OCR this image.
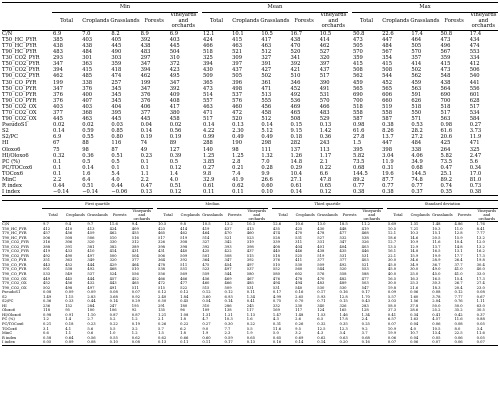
	Min						Mean						Max				
	Total	Croplands	Grasslands	Forests	Vineyards and orchards		Total	Croplands	Grasslands	Forests	Vineyards and orchards		Total	Croplands	Grasslands	Forests	Vineyards and orchards
C/N	6.9	7.0	8.2	8.9	6.9		12.1	10.1	10.5	16.7	10.5		50.8	22.6	17.4	50.8	17.4
T50_HC_PYR	385	403	405	392	403		424	415	417	438	414		473	447	464	473	434
T70_HC_PYR	438	438	445	438	445		466	463	463	470	462		505	484	505	496	474
T90_HC_PYR	483	484	490	483	504		518	521	512	520	527		570	567	570	567	553
T30_CO2_PYR	293	301	303	297	310		325	309	327	341	320		359	354	357	359	334
T50_CO2_PYR	347	363	359	347	372		394	397	391	392	397		415	415	414	415	412
T70_CO2_PYR	394	415	418	394	423		430	437	427	421	437		508	508	502	473	506
T90_CO2_PYR	462	485	474	462	495		509	505	502	510	517		562	544	562	548	540
T30_CO_PYR	199	338	257	199	347		365	396	361	346	390		459	452	459	438	441
T50_CO_PYR	347	376	345	347	392		473	498	471	452	491		565	565	563	564	556
T70_CO_PYR	376	400	345	376	409		514	537	513	492	531		690	606	591	690	601
T90_CO_PYR	376	407	345	376	408		557	576	555	536	570		700	660	626	700	628
T50_CO2_OX	403	403	404	406	417		463	460	456	469	466		518	519	518	518	517
T70_CO2_OX	377	368	395	377	380		471	472	458	465	483		558	558	550	517	534
T90_CO2_OX	445	463	445	445	458		517	520	512	508	529		587	587	571	563	584
PseudoS1	0.02	0.02	0.03	0.04	0.02		0.14	0.13	0.14	0.15	0.13		0.98	0.38	0.53	0.98	0.27
S2	0.14	0.59	0.85	0.14	0.56		4.22	2.30	5.12	9.15	1.42		61.6	8.26	28.2	61.6	3.73
S2/PC	6.9	0.55	0.80	0.19	0.19		0.99	0.49	0.49	0.18	0.36		27.8	13.7	27.2	20.6	11.9
HI	67	88	116	74	89		288	190	298	282	243		1.5	447	484	425	471
Oloxo6	75	98	87	49	127		140	98	111	137	113		395	398	338	264	325
HI/Oloxo6	0.32	0.36	0.51	0.23	0.39		1.25	1.25	1.32	1.26	1.17		5.82	3.04	4.06	5.82	2.47
PC (%)	0.1	0.5	0.5	0.1	0.5		3.85	2.8	7.0	14.8	2.1		73.5	11.9	34.9	73.5	5.6
PC/TOCox6	0.1	0.14	0.1	0.1	0.12		0.27	0.21	0.28	0.29	0.22		0.68	0.31	0.68	0.47	0.34
TOCox6	0.1	1.6	5.4	1.1	1.4		9.8	7.4	9.9	10.4	6.6		144.5	19.6	144.5	25.1	17.0
MinC	2.2	6.4	4.0	2.2	4.0		32.9	41.9	26.6	27.1	47.8		89.2	87.7	74.8	89.2	81.0
R index	0.44	0.51	0.44	0.47	0.51		0.61	0.62	0.60	0.61	0.65		0.77	0.77	0.77	0.74	0.73
I index	−0.14	−0.14	−0.06	0.13	0.12		0.11	0.11	0.10	0.14	0.12		0.38	0.38	0.37	0.35	0.38
	First quartile						Median						Third quartile						Standard deviation				
	Total	Croplands	Grasslands	Forests	Vineyards and orchards		Total	Croplands	Grasslands	Forests	Vineyards and orchards		Total	Croplands	Grasslands	Forests	Vineyards and orchards		Total	Croplands	Grasslands	Forests	Vineyards and orchards
C/N	9.7	9.4	9.7	11.6	9.4		10.5	9.8	10.5	13.2	10.3		12.6	10.6	13.0	18.5	11.2		5.69	1.31	1.48	4.86	1.76
T50_HC_PYR	412	410	413	424	409		423	414	419	437	413		435	425	430	448	419		10.5	7.21	10.3	11.0	8.41
T70_HC_PYR	457	456	459	462	455		465	462	464	470	460		474	470	478	477	468		12.1	10.3	15.1	12.8	7.77
T90_HC_PYR	506	508	506	510	516		517	519	514	521	523		528	531	527	532	538		18.6	14.6	20.5	15.9	13.2
T30_CO2_PYR	316	306	320	330	312		326	308	327	342	319		339	311	331	347	326		12.7	10.9	11.6	10.4	12.0
T50_CO2_PYR	388	391	381	382	389		398	398	392	393	398		408	404	401	404	403		13.5	12.9	13.7	14.8	13.2
T70_CO2_PYR	419	433	410	414	431		431	440	425	422	437		440	446	438	435	446		16.1	14.8	16.5	13.1	16.2
T90_CO2_PYR	492	490	497	500	504		506	509	501	508	515		518	525	519	531	531		22.1	15.9	19.9	17.7	17.3
T30_CO_PYR	351	363	349	320	377		364	392	364	347	392		376	411	377	377	403		30.0	34.6	28.9	26.4	19.8
T50_CO_PYR	443	452	444	429	464		478	511	475	454	497		510	530	509	492	521		45.0	34.9	36.7	37.7	30.4
T70_CO_PYR	501	538	492	468	510		538	551	523	497	537		552	560	544	520	553		45.0	30.0	49.0	41.0	40.0
T90_CO_PYR	533	549	537	524	556		556	569	559	544	580		580	602	576	558	588		40.0	25.0	45.0	41.0	33.0
T50_CO2_OX	449	445	444	457	452		466	466	456	469	467		476	478	470	482	477		16.5	16.3	16.5	15.4	17.3
T70_CO2_OX	452	456	432	443	465		472	477	460	466	485		494	494	483	489	503		30.0	25.3	30.3	26.7	27.4
T90_CO2_OX	502	498	497	491	511		515	522	515	509	531		531	540	530	530	547		19.8	21.6	18.3	20.4	23.0
PseudoS1	0.08	0.09	0.09	0.08	0.07		0.12	0.12	0.12	0.12	0.11		0.17	0.16	0.17	0.16	0.17		0.09	0.06	0.08	0.12	0.08
S2	1.49	1.15	2.83	3.68	0.92		2.40	1.84	3.60	6.93	1.34		4.99	2.65	5.93	12.8	1.70		5.57	1.60	3.78	7.77	0.67
S2/PC	0.36	0.33	0.44	0.14	0.29		0.50	0.45	0.54	0.14	0.41		0.75	0.70	0.71	0.15	0.43		3.03	1.56	2.04	0.76	1.11
HI	236	152	284	247	195		291	180	310	286	245		332	230	340	326	283		58.0	37.8	50.0	50.0	63.0
Oloxo6	118	95	100	106	92		135	96	109	138	117		169	117	124	165	128		37.3	28.6	25.2	35.2	30.5
HI/Oloxo6	0.98	0.91	1.10	0.87	0.87		1.21	1.08	1.31	1.21	1.13		1.47	1.48	1.53	1.46	1.34		0.41	0.34	0.41	0.42	0.37
PC (%)	1.2	1.4	2.7	5.2	1.2		2.1	1.8	4.7	10.3	1.6		4.3	2.6	6.5	17.8	2.4		6.57	1.63	4.57	11.6	0.88
PC/TOCox6	0.21	0.18	0.23	0.22	0.19		0.26	0.22	0.27	0.30	0.22		0.31	0.26	0.32	0.35	0.25		0.07	0.04	0.06	0.08	0.05
TOCox6	3.1	4.1	5.6	5.5	3.2		5.7	6.2	9.0	7.7	5.5		11.6	9.5	12.5	12.3	9.2		10.9	4.0	10.5	8.0	3.4
MinC	0.6	1.1	0.6	1.0	1.2		1.5	1.8	1.9	2.3	1.9		5.0	3.2	4.3	3.4	3.7		19.9	10.7	13.4	22.5	11.6
R index	0.58	0.64	0.56	0.55	0.62		0.62	0.66	0.60	0.59	0.65		0.65	0.69	0.62	0.63	0.68		0.06	0.04	0.05	0.06	0.05
I index	0.05	0.09	0.08	0.10	0.08		0.13	0.11	0.11	0.17	0.13		0.16	0.14	0.14	0.20	0.16		0.07	0.06	0.07	0.06	0.07
